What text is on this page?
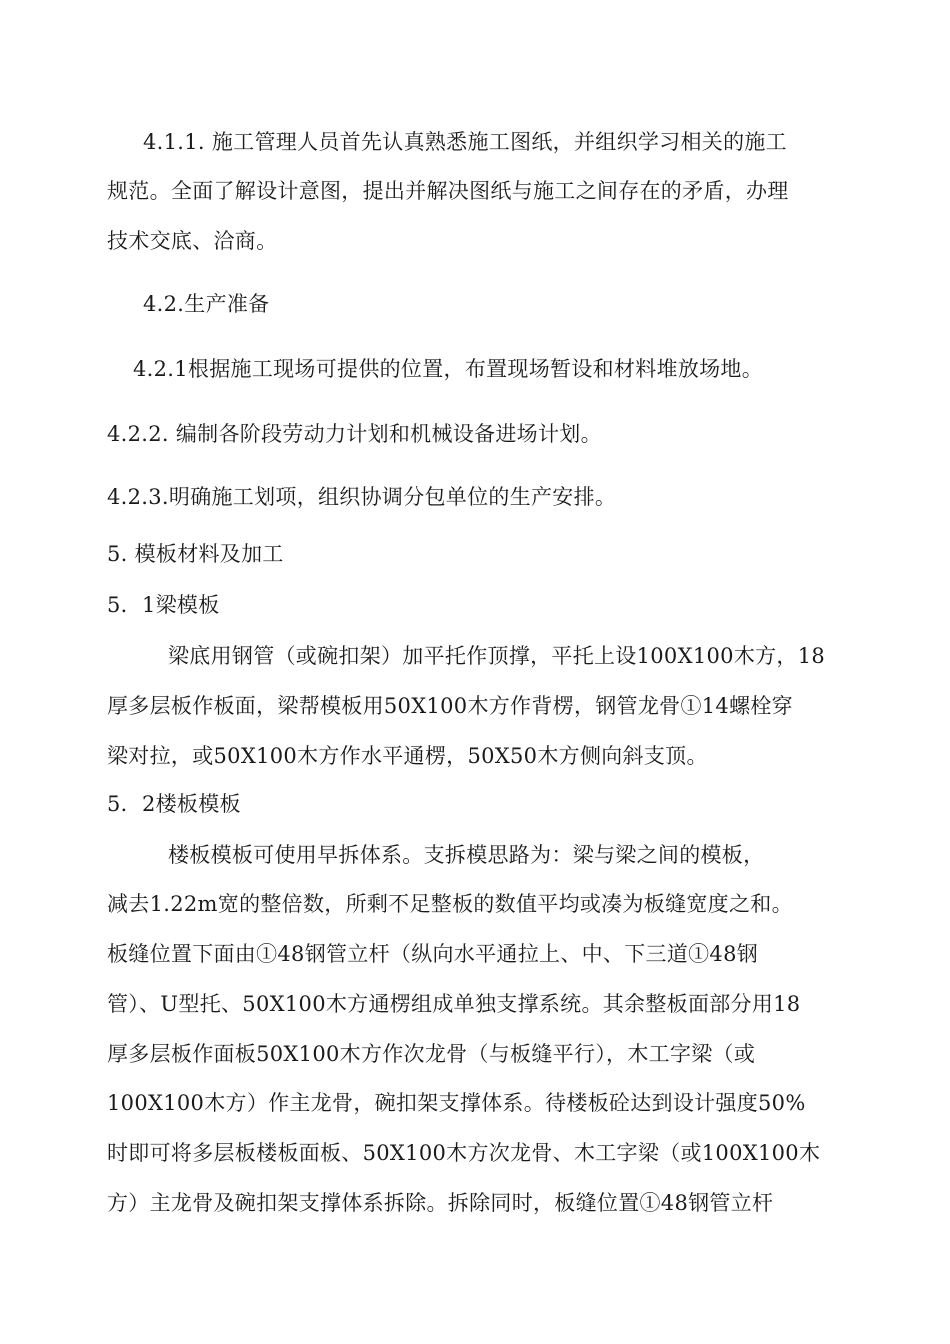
4.1.1. 施工管理人员首先认真熟悉施工图纸，并组织学习相关的施工
规范。全面了解设计意图，提出并解决图纸与施工之间存在的矛盾，办理
技术交底、洽商。
4.2.生产准备
4.2.1根据施工现场可提供的位置，布置现场暂设和材料堆放场地。
4.2.2. 编制各阶段劳动力计划和机械设备进场计划。
4.2.3.明确施工划项，组织协调分包单位的生产安排。
5. 模板材料及加工
5．1梁模板
梁底用钢管（或碗扣架）加平托作顶撑，平托上设100X100木方，18
厚多层板作板面，梁帮模板用50X100木方作背楞，钢管龙骨①14螺栓穿
梁对拉，或50X100木方作水平通楞，50X50木方侧向斜支顶。
5．2楼板模板
楼板模板可使用早拆体系。支拆模思路为：梁与梁之间的模板，
减去1.22m宽的整倍数，所剩不足整板的数值平均或凑为板缝宽度之和。
板缝位置下面由①48钢管立杆（纵向水平通拉上、中、下三道①48钢
管）、U型托、50X100木方通楞组成单独支撑系统。其余整板面部分用18
厚多层板作面板50X100木方作次龙骨（与板缝平行），木工字梁（或
100X100木方）作主龙骨，碗扣架支撑体系。待楼板砼达到设计强度50%
时即可将多层板楼板面板、50X100木方次龙骨、木工字梁（或100X100木
方）主龙骨及碗扣架支撑体系拆除。拆除同时，板缝位置①48钢管立杆
